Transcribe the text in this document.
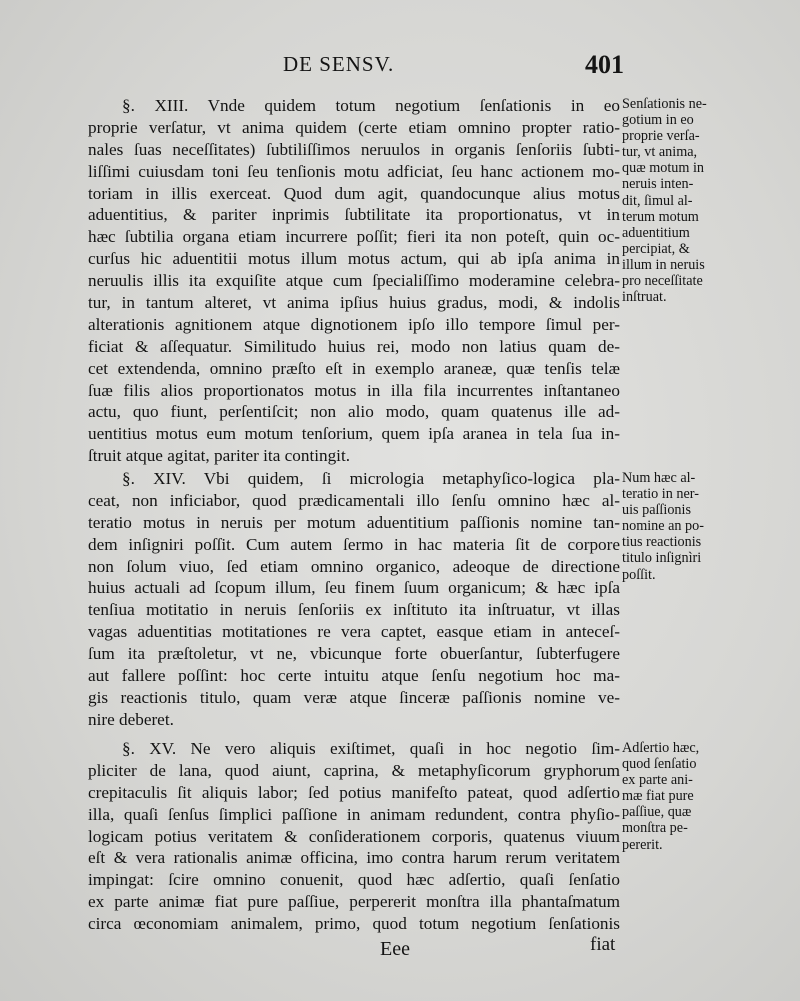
DE SENSV.	401
§. XIII. Vnde quidem totum negotium ſenſationis in eo
proprie verſatur, vt anima quidem (certe etiam omnino propter ratio-
nales ſuas neceſſitates) ſubtiliſſimos neruulos in organis ſenſoriis ſubti-
liſſimi cuiusdam toni ſeu tenſionis motu adficiat, ſeu hanc actionem mo-
toriam in illis exerceat. Quod dum agit, quandocunque alius motus
aduentitius, & pariter inprimis ſubtilitate ita proportionatus, vt in
hæc ſubtilia organa etiam incurrere poſſit; fieri ita non poteſt, quin oc-
curſus hic aduentitii motus illum motus actum, qui ab ipſa anima in
neruulis illis ita exquiſite atque cum ſpecialiſſimo moderamine celebra-
tur, in tantum alteret, vt anima ipſius huius gradus, modi, & indolis
alterationis agnitionem atque dignotionem ipſo illo tempore ſimul per-
ficiat & aſſequatur. Similitudo huius rei, modo non latius quam de-
cet extendenda, omnino præſto eſt in exemplo araneæ, quæ tenſis telæ
ſuæ filis alios proportionatos motus in illa fila incurrentes inſtantaneo
actu, quo fiunt, perſentiſcit; non alio modo, quam quatenus ille ad-
uentitius motus eum motum tenſorium, quem ipſa aranea in tela ſua in-
ſtruit atque agitat, pariter ita contingit.
Senſationis ne-
gotium in eo
proprie verſa-
tur, vt anima,
quæ motum in
neruis inten-
dit, ſimul al-
terum motum
aduentitium
percipiat, &
illum in neruis
pro neceſſitate
inſtruat.
§. XIV. Vbi quidem, ſi micrologia metaphyſico-logica pla-
ceat, non inficiabor, quod prædicamentali illo ſenſu omnino hæc al-
teratio motus in neruis per motum aduentitium paſſionis nomine tan-
dem inſigniri poſſit. Cum autem ſermo in hac materia ſit de corpore
non ſolum viuo, ſed etiam omnino organico, adeoque de directione
huius actuali ad ſcopum illum, ſeu finem ſuum organicum; & hæc ipſa
tenſiua motitatio in neruis ſenſoriis ex inſtituto ita inſtruatur, vt illas
vagas aduentitias motitationes re vera captet, easque etiam in anteceſ-
ſum ita præſtoletur, vt ne, vbicunque forte obuerſantur, ſubterfugere
aut fallere poſſint: hoc certe intuitu atque ſenſu negotium hoc ma-
gis reactionis titulo, quam veræ atque ſinceræ paſſionis nomine ve-
nire deberet.
Num hæc al-
teratio in ner-
uis paſſionis
nomine an po-
tius reactionis
titulo inſignìri
poſſit.
§. XV. Ne vero aliquis exiſtimet, quaſi in hoc negotio ſim-
pliciter de lana, quod aiunt, caprina, & metaphyſicorum gryphorum
crepitaculis ſit aliquis labor; ſed potius manifeſto pateat, quod adſertio
illa, quaſi ſenſus ſimplici paſſione in animam redundent, contra phyſio-
logicam potius veritatem & conſiderationem corporis, quatenus viuum
eſt & vera rationalis animæ officina, imo contra harum rerum veritatem
impingat: ſcire omnino conuenit, quod hæc adſertio, quaſi ſenſatio
ex parte animæ fiat pure paſſiue, perpererit monſtra illa phantaſmatum
circa œconomiam animalem, primo, quod totum negotium ſenſationis
Adſertio hæc,
quod ſenſatio
ex parte ani-
mæ fiat pure
paſſiue, quæ
monſtra pe-
pererit.
Eee	fiat
